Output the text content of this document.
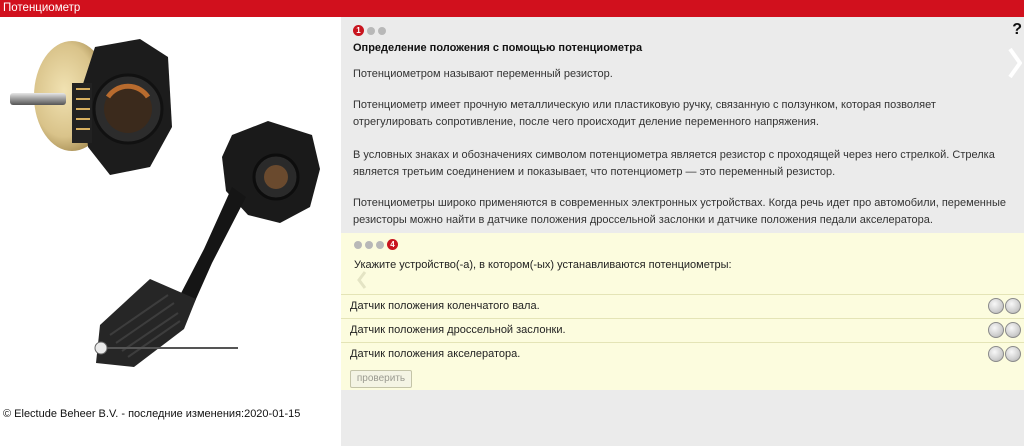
Потенциометр
© Electude Beheer B.V. - последние изменения:2020-01-15
?
1
Определение положения с помощью потенциометра

Потенциометром называют переменный резистор.

Потенциометр имеет прочную металлическую или пластиковую ручку, связанную с ползунком, которая позволяет отрегулировать сопротивление, после чего происходит деление переменного напряжения.

В условных знаках и обозначениях символом потенциометра является резистор с проходящей через него стрелкой. Стрелка является третьим соединением и показывает, что потенциометр — это переменный резистор.

Потенциометры широко применяются в современных электронных устройствах. Когда речь идет про автомобили, переменные резисторы можно найти в датчике положения дроссельной заслонки и датчике положения педали акселератора.

4
Укажите устройство(-а), в котором(-ых) устанавливаются потенциометры:
Датчик положения коленчатого вала.
Датчик положения дроссельной заслонки.
Датчик положения акселератора.
проверить
